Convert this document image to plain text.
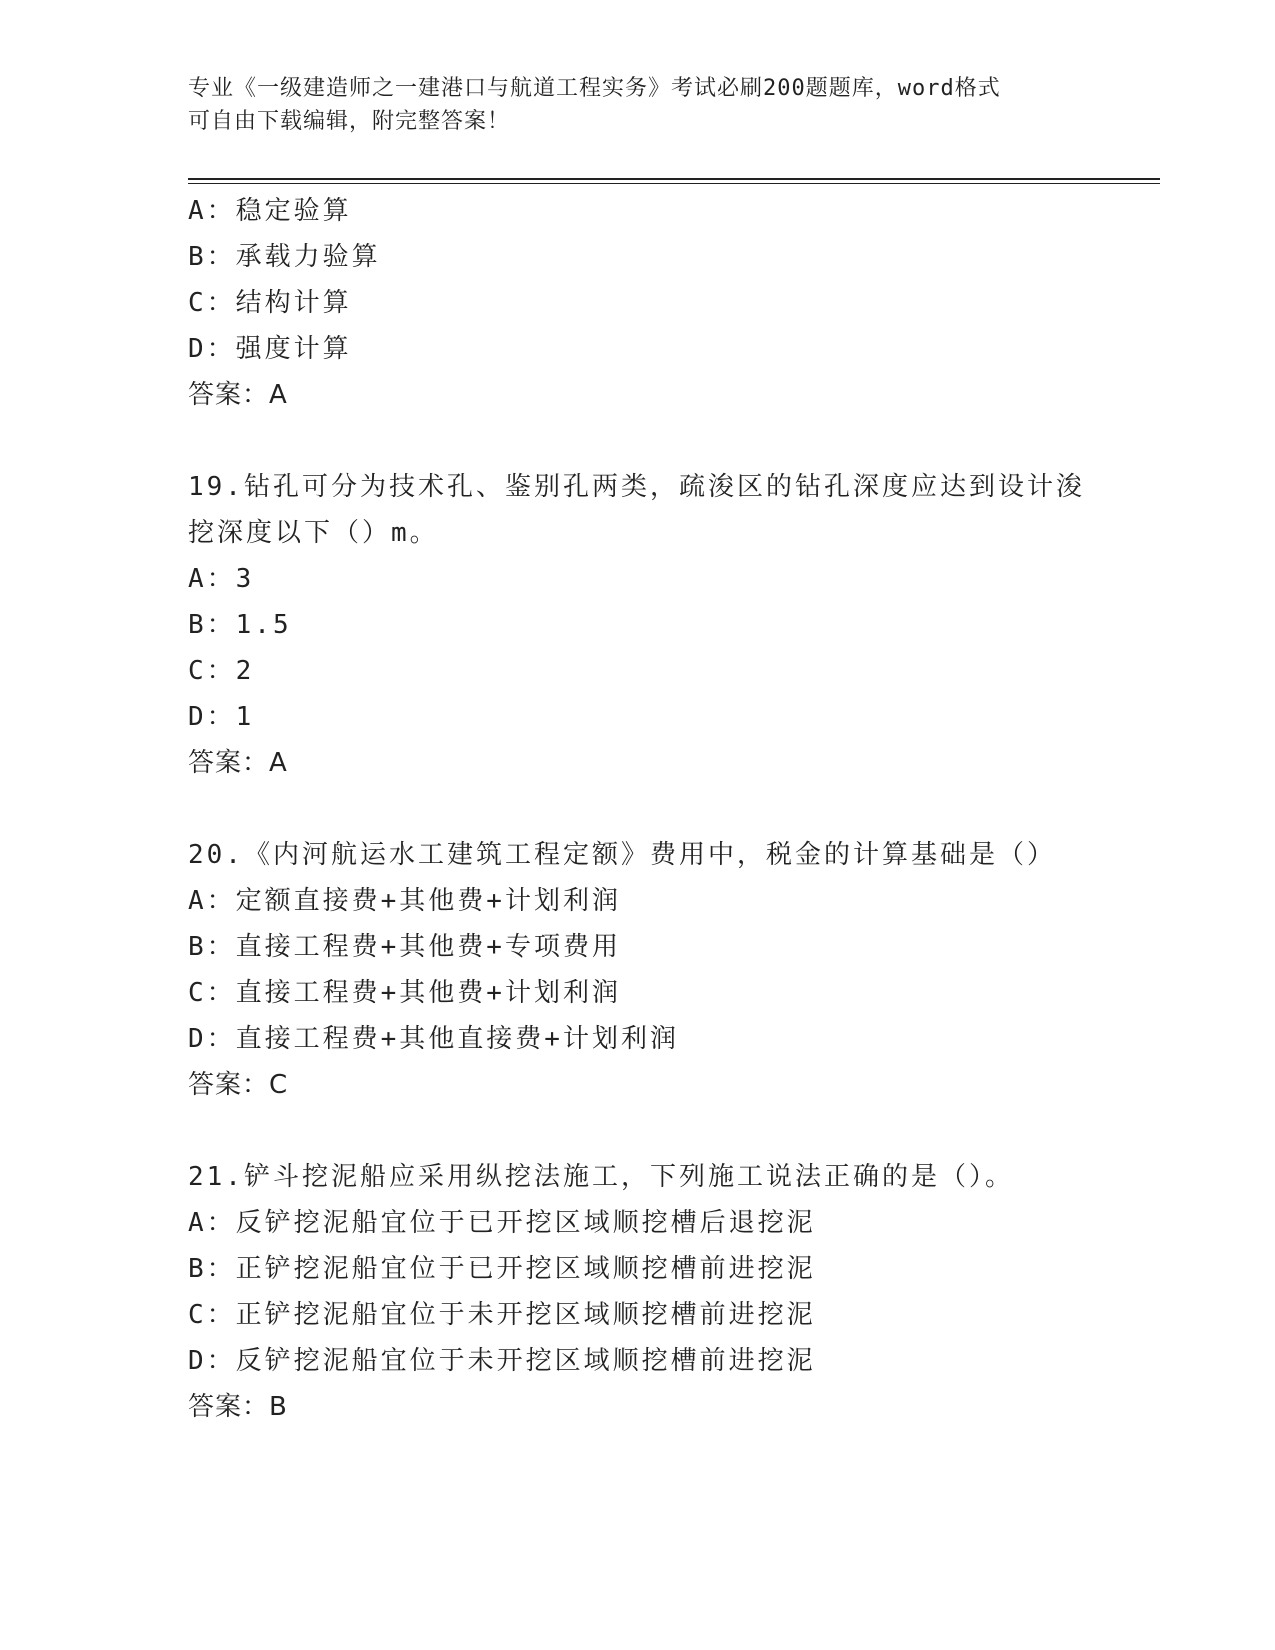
专业《一级建造师之一建港口与航道工程实务》考试必刷200题题库，word格式
可自由下载编辑，附完整答案！
A：稳定验算
B：承载力验算
C：结构计算
D：强度计算
答案：A
19.钻孔可分为技术孔、鉴别孔两类，疏浚区的钻孔深度应达到设计浚
挖深度以下（）m。
A：3
B：1.5
C：2
D：1
答案：A
20.《内河航运水工建筑工程定额》费用中，税金的计算基础是（）
A：定额直接费+其他费+计划利润
B：直接工程费+其他费+专项费用
C：直接工程费+其他费+计划利润
D：直接工程费+其他直接费+计划利润
答案：C
21.铲斗挖泥船应采用纵挖法施工，下列施工说法正确的是（）。
A：反铲挖泥船宜位于已开挖区域顺挖槽后退挖泥
B：正铲挖泥船宜位于已开挖区域顺挖槽前进挖泥
C：正铲挖泥船宜位于未开挖区域顺挖槽前进挖泥
D：反铲挖泥船宜位于未开挖区域顺挖槽前进挖泥
答案：B
